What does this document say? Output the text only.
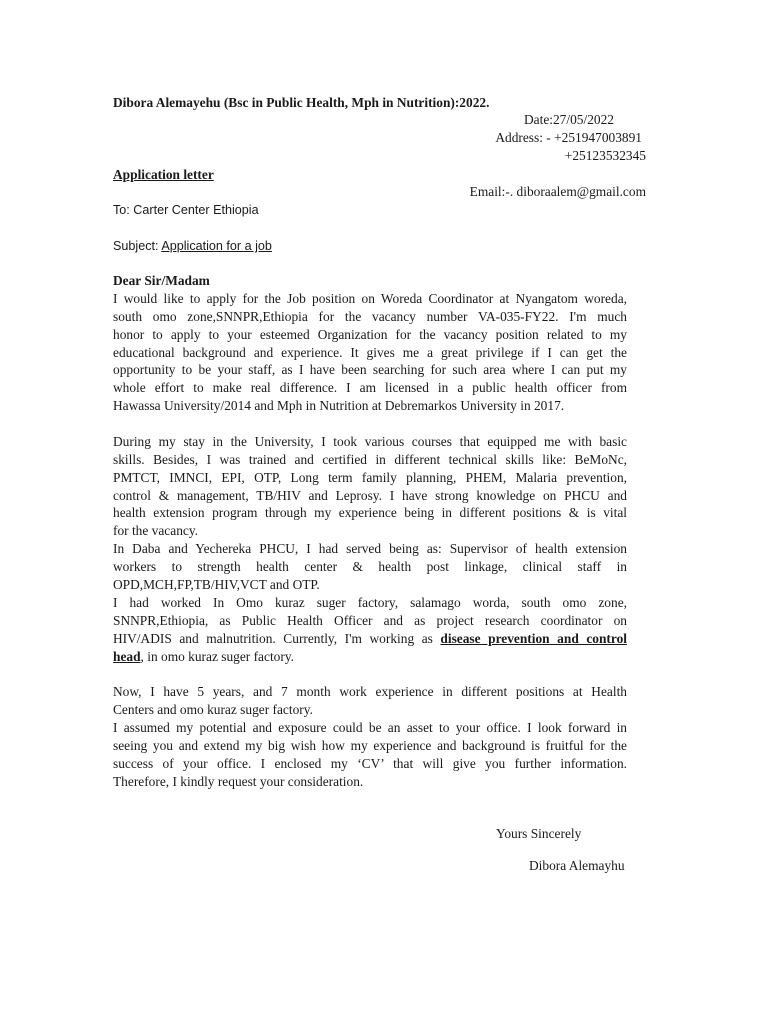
Dibora Alemayehu (Bsc in Public Health, Mph in Nutrition):2022.

Date:27/05/2022

Address: - +251947003891

+25123532345

Application letter

Email:-. diboraalem@gmail.com

To: Carter Center Ethiopia

Subject: Application for a job

Dear Sir/Madam

I would like to apply for the Job position on Woreda Coordinator at Nyangatom woreda,
south omo zone,SNNPR,Ethiopia for the vacancy number VA-035-FY22. I'm much
honor to apply to your esteemed Organization for the vacancy position related to my
educational background and experience. It gives me a great privilege if I can get the
opportunity to be your staff, as I have been searching for such area where I can put my
whole effort to make real difference. I am licensed in a public health officer from
Hawassa University/2014 and Mph in Nutrition at Debremarkos University in 2017.
During my stay in the University, I took various courses that equipped me with basic
skills. Besides, I was trained and certified in different technical skills like: BeMoNc,
PMTCT, IMNCI, EPI, OTP, Long term family planning, PHEM, Malaria prevention,
control & management, TB/HIV and Leprosy. I have strong knowledge on PHCU and
health extension program through my experience being in different positions & is vital
for the vacancy.
In Daba and Yechereka PHCU, I had served being as: Supervisor of health extension
workers to strength health center & health post linkage, clinical staff in
OPD,MCH,FP,TB/HIV,VCT and OTP.
I had worked In Omo kuraz suger factory, salamago worda, south omo zone,
SNNPR,Ethiopia, as Public Health Officer and as project research coordinator on
HIV/ADIS and malnutrition. Currently, I'm working as disease prevention and control
head, in omo kuraz suger factory.
Now, I have 5 years, and 7 month work experience in different positions at Health
Centers and omo kuraz suger factory.
I assumed my potential and exposure could be an asset to your office. I look forward in
seeing you and extend my big wish how my experience and background is fruitful for the
success of your office. I enclosed my ‘CV’ that will give you further information.
Therefore, I kindly request your consideration.

Yours Sincerely

Dibora Alemayhu
